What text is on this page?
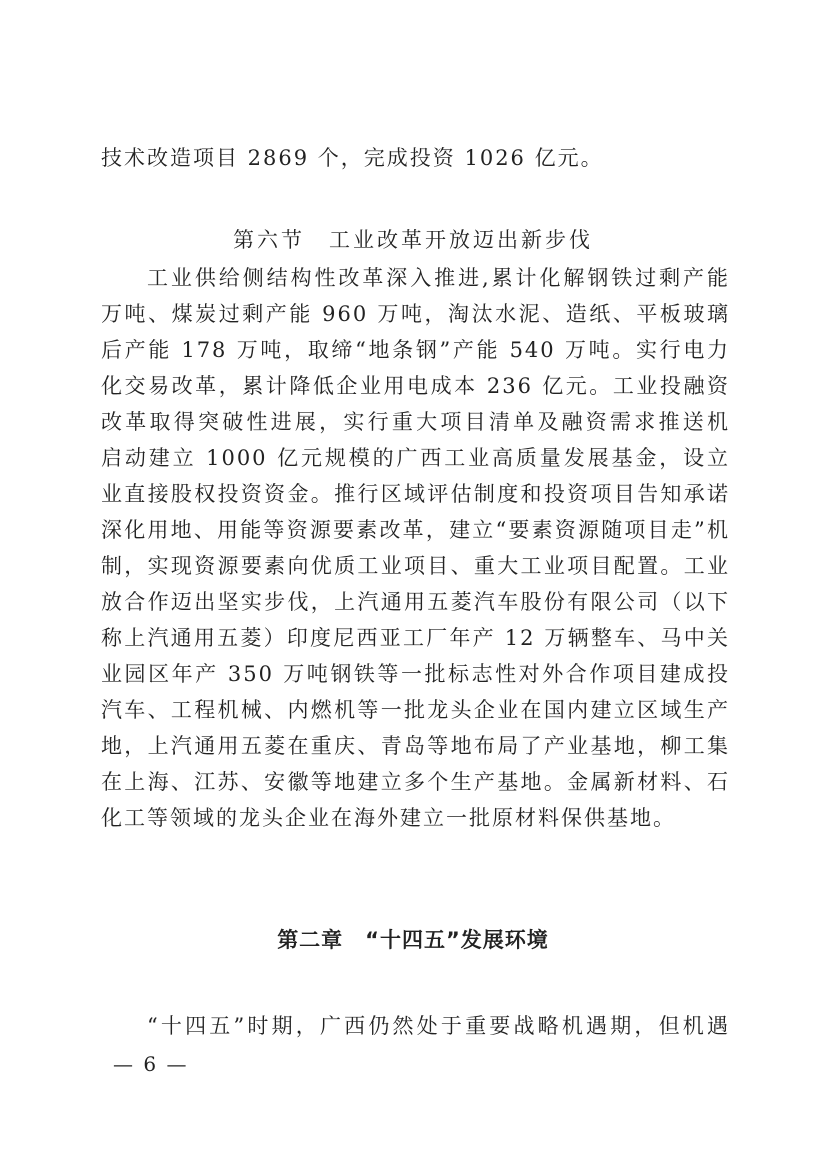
技术改造项目 2869 个，完成投资 1026 亿元。
第六节　工业改革开放迈出新步伐
工业供给侧结构性改革深入推进,累计化解钢铁过剩产能
万吨、煤炭过剩产能 960 万吨，淘汰水泥、造纸、平板玻璃
后产能 178 万吨，取缔“地条钢”产能 540 万吨。实行电力
化交易改革，累计降低企业用电成本 236 亿元。工业投融资
改革取得突破性进展，实行重大项目清单及融资需求推送机
启动建立 1000 亿元规模的广西工业高质量发展基金，设立
业直接股权投资资金。推行区域评估制度和投资项目告知承诺
深化用地、用能等资源要素改革，建立“要素资源随项目走”机
制，实现资源要素向优质工业项目、重大工业项目配置。工业
放合作迈出坚实步伐，上汽通用五菱汽车股份有限公司（以下
称上汽通用五菱）印度尼西亚工厂年产 12 万辆整车、马中关
业园区年产 350 万吨钢铁等一批标志性对外合作项目建成投
汽车、工程机械、内燃机等一批龙头企业在国内建立区域生产
地，上汽通用五菱在重庆、青岛等地布局了产业基地，柳工集
在上海、江苏、安徽等地建立多个生产基地。金属新材料、石
化工等领域的龙头企业在海外建立一批原材料保供基地。
第二章　“十四五”发展环境
“十四五”时期，广西仍然处于重要战略机遇期，但机遇
— 6 —
